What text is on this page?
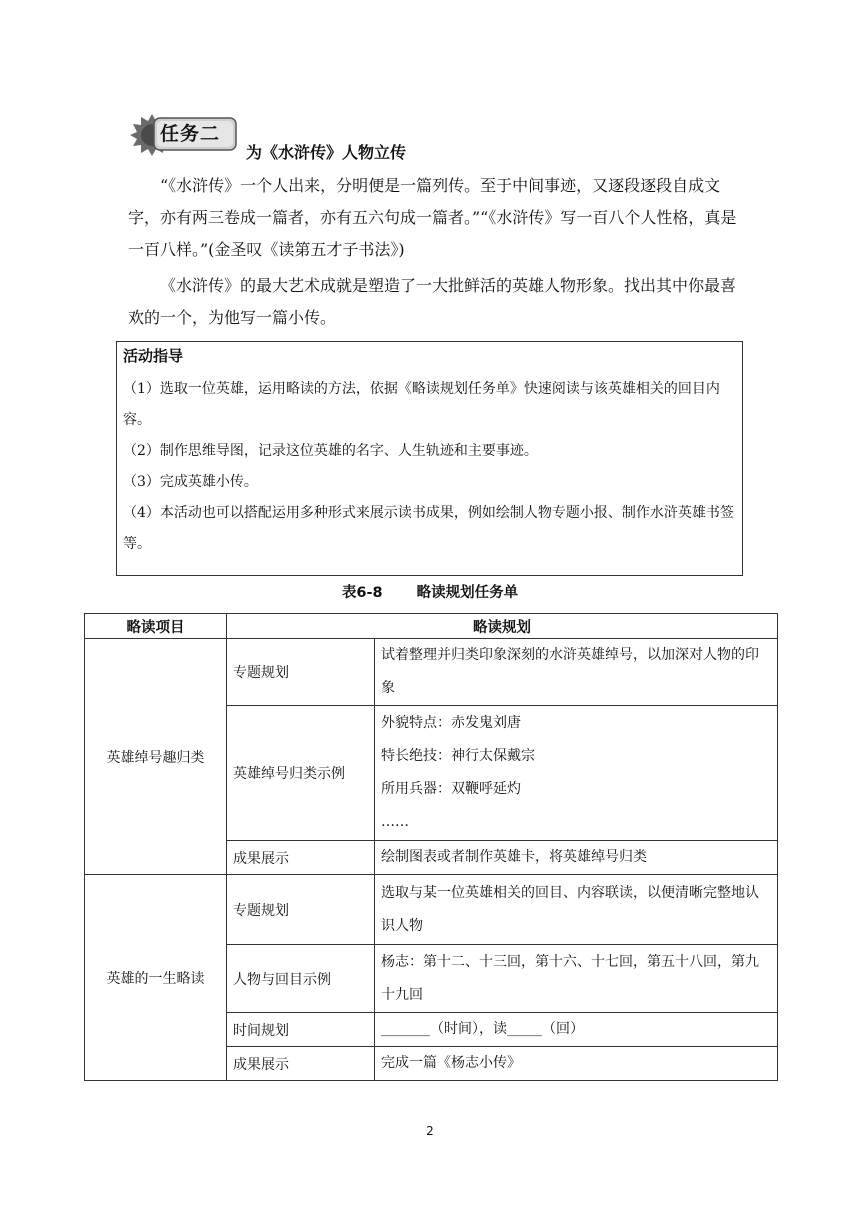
任务二
为《水浒传》人物立传

“《水浒传》一个人出来，分明便是一篇列传。至于中间事迹，又逐段逐段自成文字，亦有两三卷成一篇者，亦有五六句成一篇者。”“《水浒传》写一百八个人性格，真是一百八样。”(金圣叹《读第五才子书法》)

《水浒传》的最大艺术成就是塑造了一大批鲜活的英雄人物形象。找出其中你最喜欢的一个，为他写一篇小传。

活动指导
（1）选取一位英雄，运用略读的方法，依据《略读规划任务单》快速阅读与该英雄相关的回目内容。
（2）制作思维导图，记录这位英雄的名字、人生轨迹和主要事迹。
（3）完成英雄小传。
（4）本活动也可以搭配运用多种形式来展示读书成果，例如绘制人物专题小报、制作水浒英雄书签等。
表6-8 略读规划任务单
略读项目	略读规划	
英雄绰号趣归类	专题规划	试着整理并归类印象深刻的水浒英雄绰号，以加深对人物的印象
	英雄绰号归类示例	外貌特点：赤发鬼刘唐
特长绝技：神行太保戴宗
所用兵器：双鞭呼延灼
……

	成果展示	绘制图表或者制作英雄卡，将英雄绰号归类
英雄的一生略读	专题规划	选取与某一位英雄相关的回目、内容联读，以便清晰完整地认识人物
	人物与回目示例	杨志：第十二、十三回，第十六、十七回，第五十八回，第九十九回
	时间规划	_______（时间），读_____（回）
	成果展示	完成一篇《杨志小传》
2
